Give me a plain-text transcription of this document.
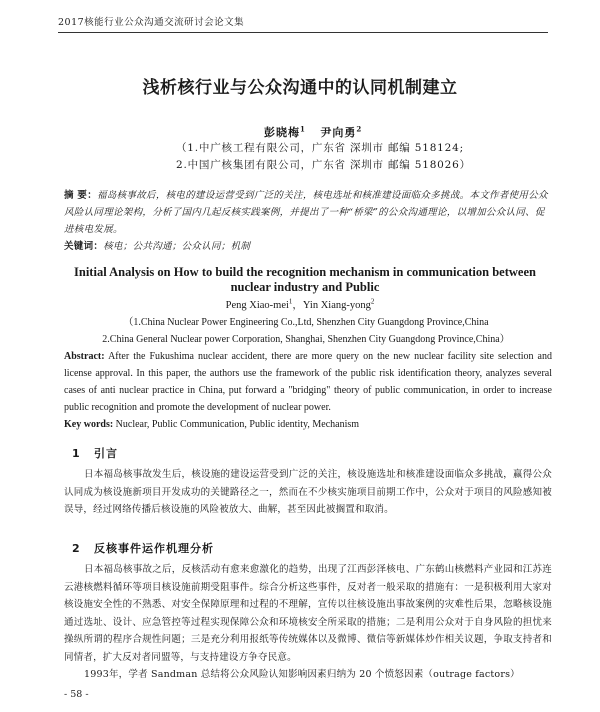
2017核能行业公众沟通交流研讨会论文集
浅析核行业与公众沟通中的认同机制建立
彭晓梅$^1$ 尹向勇$^2$
（1.中广核工程有限公司，广东省 深圳市 邮编 518124;
2.中国广核集团有限公司，广东省 深圳市 邮编 518026）
摘 要：福岛核事故后，核电的建设运营受到广泛的关注，核电选址和核准建设面临众多挑战。本文作者使用公众风险认同理论架构，分析了国内几起反核实践案例，并提出了一种“桥梁”的公众沟通理论，以增加公众认同、促进核电发展。
关键词：核电；公共沟通；公众认同；机制
Initial Analysis on How to build the recognition mechanism in communication between nuclear industry and Public
Peng Xiao-mei$^1$，Yin Xiang-yong$^2$
（1.China Nuclear Power Engineering Co.,Ltd, Shenzhen City Guangdong Province,China
2.China General Nuclear power Corporation, Shanghai, Shenzhen City Guangdong Province,China）
Abstract: After the Fukushima nuclear accident, there are more query on the new nuclear facility site selection and license approval. In this paper, the authors use the framework of the public risk identification theory, analyzes several cases of anti nuclear practice in China, put forward a "bridging" theory of public communication, in order to increase public recognition and promote the development of nuclear power.
Key words: Nuclear, Public Communication, Public identity, Mechanism
1 引言
日本福岛核事故发生后，核设施的建设运营受到广泛的关注，核设施选址和核准建设面临众多挑战，赢得公众认同成为核设施新项目开发成功的关键路径之一，然而在不少核实施项目前期工作中，公众对于项目的风险感知被误导，经过网络传播后核设施的风险被放大、曲解，甚至因此被搁置和取消。
2 反核事件运作机理分析
日本福岛核事故之后，反核活动有愈来愈激化的趋势，出现了江西彭泽核电、广东鹤山核燃料产业园和江苏连云港核燃料循环等项目核设施前期受阻事件。综合分析这些事件，反对者一般采取的措施有：一是积极利用大家对核设施安全性的不熟悉、对安全保障原理和过程的不理解，宣传以往核设施出事故案例的灾难性后果，忽略核设施通过选址、设计、应急管控等过程实现保障公众和环境核安全所采取的措施；二是利用公众对于自身风险的担忧来操纵所谓的程序合规性问题；三是充分利用报纸等传统媒体以及微博、微信等新媒体炒作相关议题，争取支持者和同情者，扩大反对者同盟等，与支持建设方争夺民意。
1993年，学者 Sandman 总结将公众风险认知影响因素归纳为 20 个愤怒因素（outrage factors）
- 58 -
